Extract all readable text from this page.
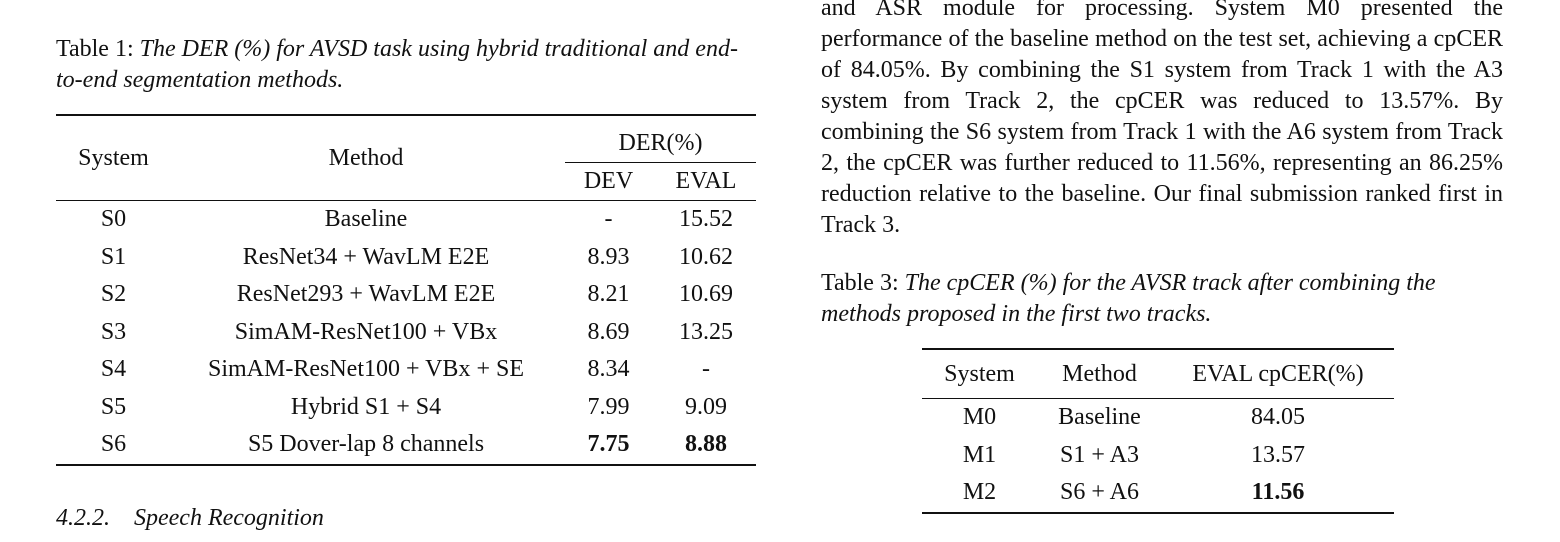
Table 1: The DER (%) for AVSD task using hybrid traditional and end-to-end segmentation methods.

System	Method	DER(%)	

		DEV	EVAL
S0	Baseline	-	15.52
S1	ResNet34 + WavLM E2E	8.93	10.62
S2	ResNet293 + WavLM E2E	8.21	10.69
S3	SimAM-ResNet100 + VBx	8.69	13.25
S4	SimAM-ResNet100 + VBx + SE	8.34	-
S5	Hybrid S1 + S4	7.99	9.09
S6	S5 Dover-lap 8 channels	7.75	8.88
4.2.2. Speech Recognition

and ASR module for processing. System M0 presented the performance of the baseline method on the test set, achieving a cpCER of 84.05%. By combining the S1 system from Track 1 with the A3 system from Track 2, the cpCER was reduced to 13.57%. By combining the S6 system from Track 1 with the A6 system from Track 2, the cpCER was further reduced to 11.56%, representing an 86.25% reduction relative to the baseline. Our final submission ranked first in Track 3.

Table 3: The cpCER (%) for the AVSR track after combining the methods proposed in the first two tracks.

System	Method	EVAL cpCER(%)
M0	Baseline	84.05
M1	S1 + A3	13.57
M2	S6 + A6	11.56
